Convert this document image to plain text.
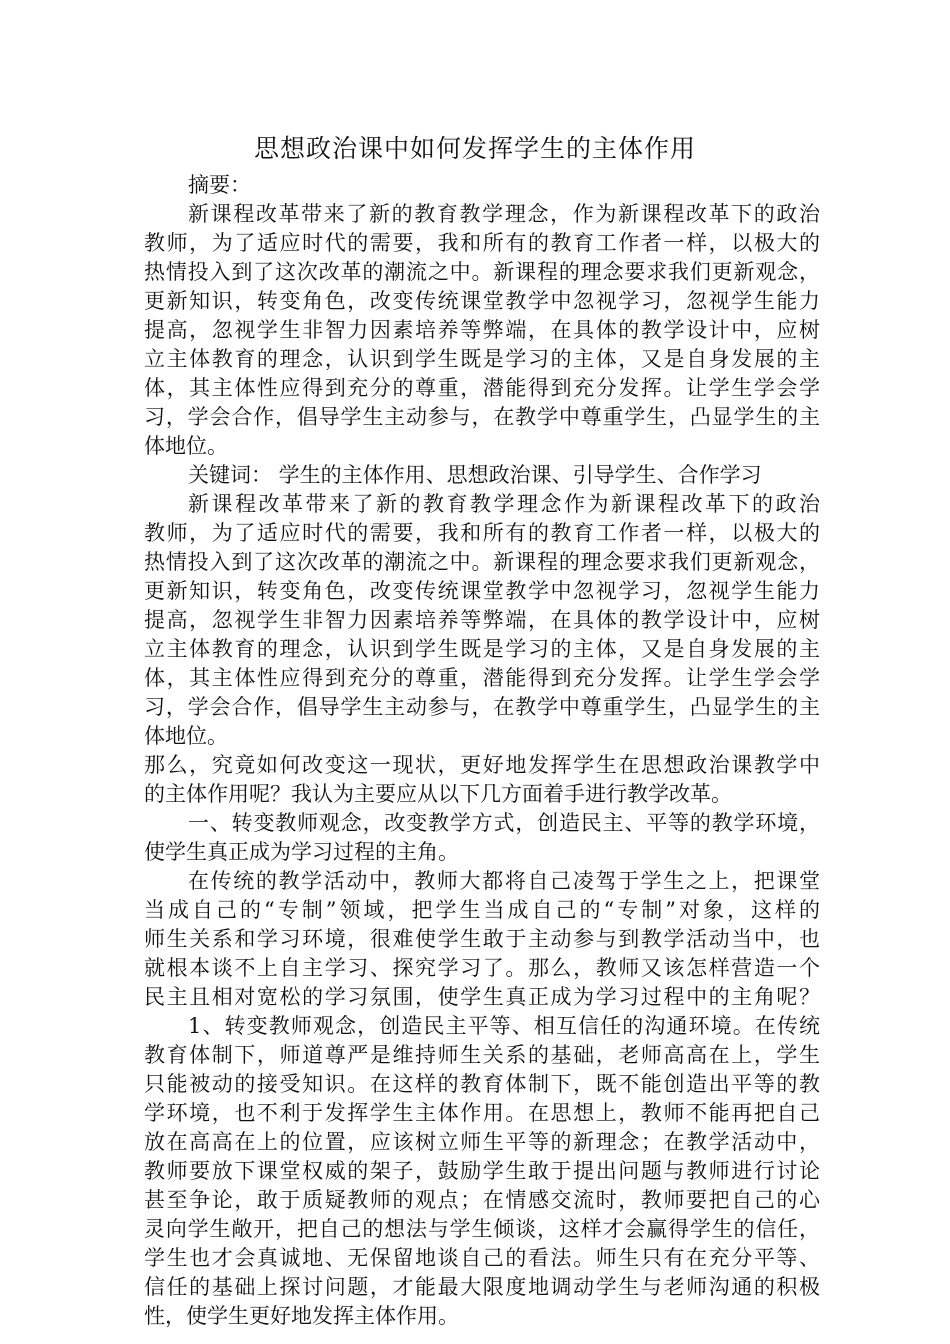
思想政治课中如何发挥学生的主体作用
摘要：
新课程改革带来了新的教育教学理念，作为新课程改革下的政治
教师，为了适应时代的需要，我和所有的教育工作者一样，以极大的
热情投入到了这次改革的潮流之中。新课程的理念要求我们更新观念，
更新知识，转变角色，改变传统课堂教学中忽视学习，忽视学生能力
提高，忽视学生非智力因素培养等弊端，在具体的教学设计中，应树
立主体教育的理念，认识到学生既是学习的主体，又是自身发展的主
体，其主体性应得到充分的尊重，潜能得到充分发挥。让学生学会学
习，学会合作，倡导学生主动参与，在教学中尊重学生，凸显学生的主
体地位。
关键词： 学生的主体作用、思想政治课、引导学生、合作学习
新课程改革带来了新的教育教学理念作为新课程改革下的政治
教师，为了适应时代的需要，我和所有的教育工作者一样，以极大的
热情投入到了这次改革的潮流之中。新课程的理念要求我们更新观念，
更新知识，转变角色，改变传统课堂教学中忽视学习，忽视学生能力
提高，忽视学生非智力因素培养等弊端，在具体的教学设计中，应树
立主体教育的理念，认识到学生既是学习的主体，又是自身发展的主
体，其主体性应得到充分的尊重，潜能得到充分发挥。让学生学会学
习，学会合作，倡导学生主动参与，在教学中尊重学生，凸显学生的主
体地位。
那么，究竟如何改变这一现状，更好地发挥学生在思想政治课教学中
的主体作用呢？我认为主要应从以下几方面着手进行教学改革。
一、转变教师观念，改变教学方式，创造民主、平等的教学环境，
使学生真正成为学习过程的主角。
在传统的教学活动中，教师大都将自己凌驾于学生之上，把课堂
当成自己的“专制”领域，把学生当成自己的“专制”对象，这样的
师生关系和学习环境，很难使学生敢于主动参与到教学活动当中，也
就根本谈不上自主学习、探究学习了。那么，教师又该怎样营造一个
民主且相对宽松的学习氛围，使学生真正成为学习过程中的主角呢？
1、转变教师观念，创造民主平等、相互信任的沟通环境。在传统
教育体制下，师道尊严是维持师生关系的基础，老师高高在上，学生
只能被动的接受知识。在这样的教育体制下，既不能创造出平等的教
学环境，也不利于发挥学生主体作用。在思想上，教师不能再把自己
放在高高在上的位置，应该树立师生平等的新理念；在教学活动中，
教师要放下课堂权威的架子，鼓励学生敢于提出问题与教师进行讨论
甚至争论，敢于质疑教师的观点；在情感交流时，教师要把自己的心
灵向学生敞开，把自己的想法与学生倾谈，这样才会赢得学生的信任，
学生也才会真诚地、无保留地谈自己的看法。师生只有在充分平等、
信任的基础上探讨问题，才能最大限度地调动学生与老师沟通的积极
性，使学生更好地发挥主体作用。
